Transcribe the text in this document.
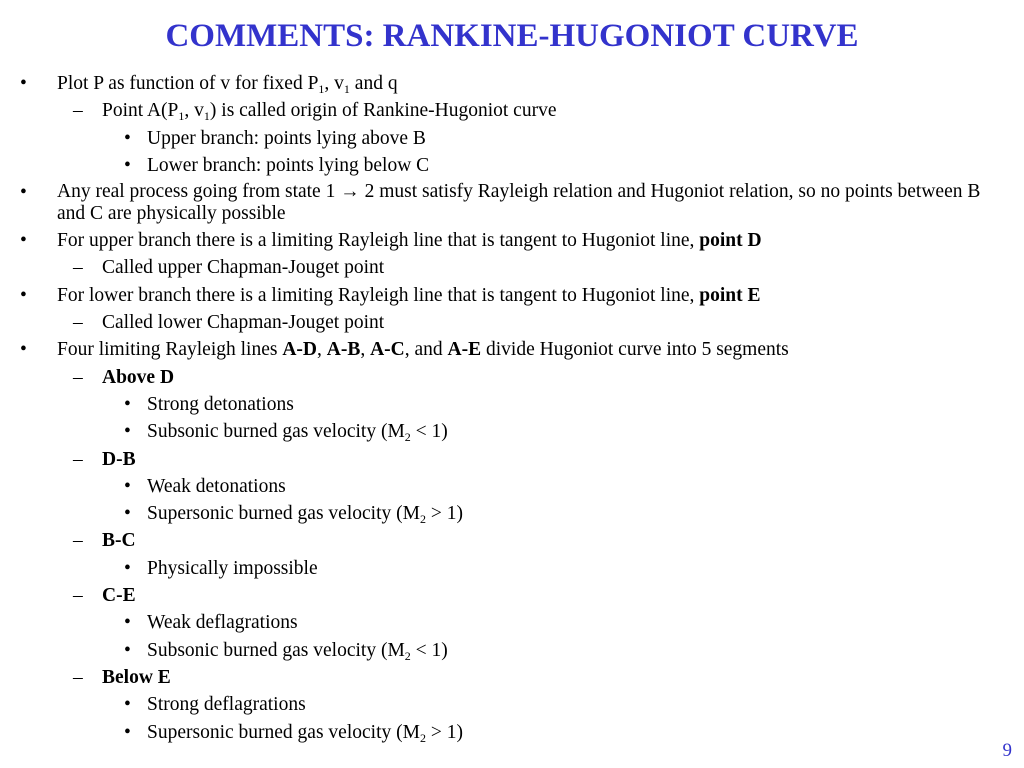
COMMENTS: RANKINE-HUGONIOT CURVE
• Plot P as function of v for fixed $P_1$, $v_1$ and q
– Point $A(P_1$, $v_1$) is called origin of Rankine-Hugoniot curve
• Upper branch: points lying above B
• Lower branch: points lying below C
• Any real process going from state 1 → 2 must satisfy Rayleigh relation and Hugoniot relation, so no points between B and C are physically possible
• For upper branch there is a limiting Rayleigh line that is tangent to Hugoniot line, point D
– Called upper Chapman-Jouget point
• For lower branch there is a limiting Rayleigh line that is tangent to Hugoniot line, point E
– Called lower Chapman-Jouget point
• Four limiting Rayleigh lines A-D, A-B, A-C, and A-E divide Hugoniot curve into 5 segments
– Above D
• Strong detonations
• Subsonic burned gas velocity $(M_2 < 1)$
– D-B
• Weak detonations
• Supersonic burned gas velocity $(M_2 > 1)$
– B-C
• Physically impossible
– C-E
• Weak deflagrations
• Subsonic burned gas velocity $(M_2 < 1)$
– Below E
• Strong deflagrations
• Supersonic burned gas velocity $(M_2 > 1)$
9
